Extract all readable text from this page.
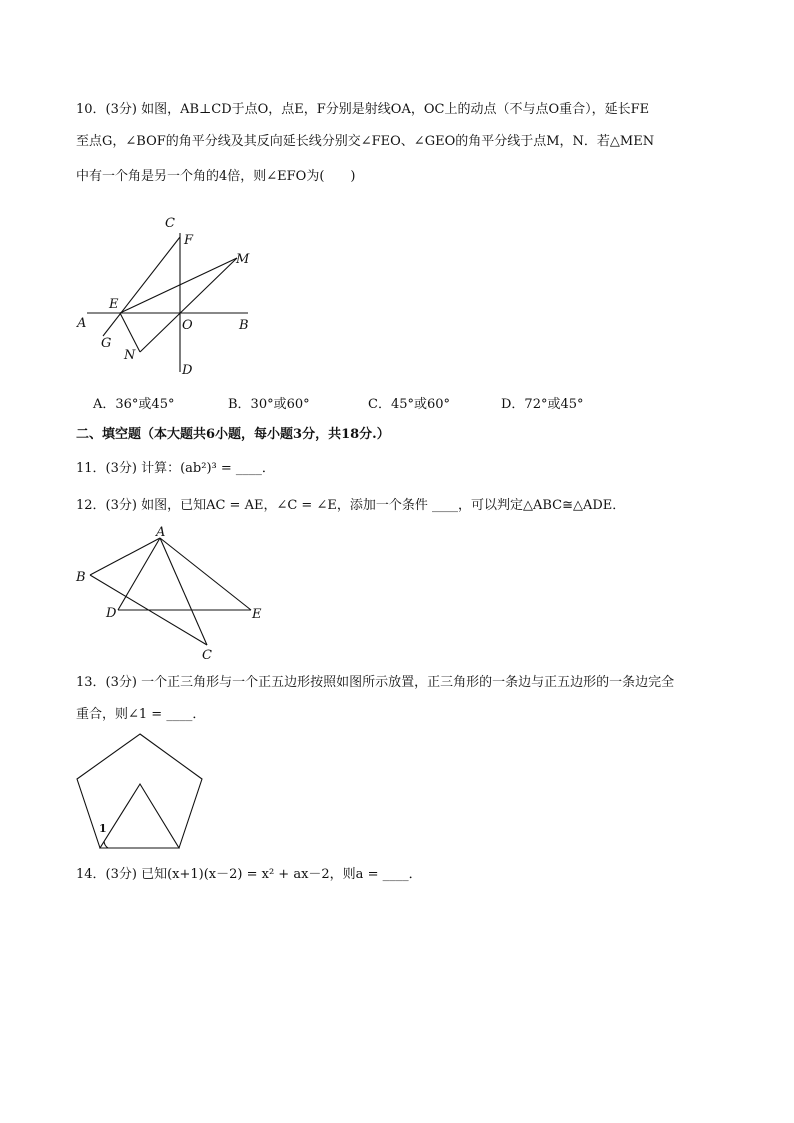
10．(3分) 如图，AB⊥CD于点O，点E，F分别是射线OA，OC上的动点（不与点O重合），延长FE
至点G，∠BOF的角平分线及其反向延长线分别交∠FEO、∠GEO的角平分线于点M，N．若△MEN
中有一个角是另一个角的4倍，则∠EFO为(　　)
C
F
M
E
A	O	B
G
N
D
A．36°或45°	B．30°或60°	C．45°或60°	D．72°或45°
二、填空题（本大题共6小题，每小题3分，共18分.）
11．(3分) 计算：(ab²)³ = ____．
12．(3分) 如图，已知AC = AE，∠C = ∠E，添加一个条件 ____，可以判定△ABC≅△ADE．
A
B
D	E
C
13．(3分) 一个正三角形与一个正五边形按照如图所示放置，正三角形的一条边与正五边形的一条边完全
重合，则∠1 = ____．
1
14．(3分) 已知(x+1)(x－2) = x² + ax－2，则a = ____．
